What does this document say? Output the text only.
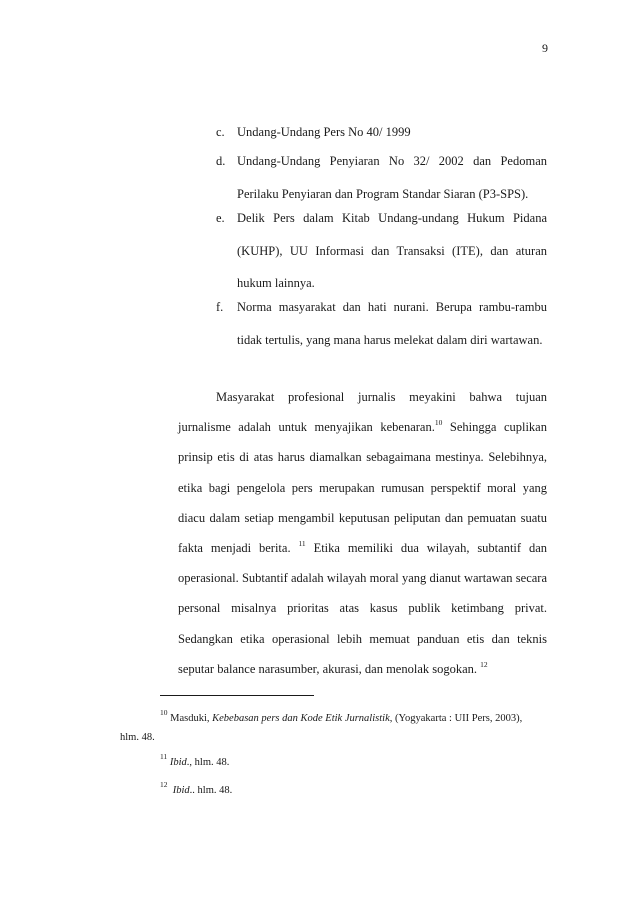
9
c. Undang-Undang Pers No 40/ 1999
d. Undang-Undang Penyiaran No 32/ 2002 dan Pedoman Perilaku Penyiaran dan Program Standar Siaran (P3-SPS).
e. Delik Pers dalam Kitab Undang-undang Hukum Pidana (KUHP), UU Informasi dan Transaksi (ITE), dan aturan hukum lainnya.
f. Norma masyarakat dan hati nurani. Berupa rambu-rambu tidak tertulis, yang mana harus melekat dalam diri wartawan.
Masyarakat profesional jurnalis meyakini bahwa tujuan jurnalisme adalah untuk menyajikan kebenaran.$^{10}$ Sehingga cuplikan prinsip etis di atas harus diamalkan sebagaimana mestinya. Selebihnya, etika bagi pengelola pers merupakan rumusan perspektif moral yang diacu dalam setiap mengambil keputusan peliputan dan pemuatan suatu fakta menjadi berita. $^{11}$ Etika memiliki dua wilayah, subtantif dan operasional. Subtantif adalah wilayah moral yang dianut wartawan secara personal misalnya prioritas atas kasus publik ketimbang privat. Sedangkan etika operasional lebih memuat panduan etis dan teknis seputar balance narasumber, akurasi, dan menolak sogokan. $^{12}$
$^{10}$ Masduki, Kebebasan pers dan Kode Etik Jurnalistik, (Yogyakarta : UII Pers, 2003),
hlm. 48.
$^{11}$ Ibid., hlm. 48.
$^{12}$  Ibid.. hlm. 48.
